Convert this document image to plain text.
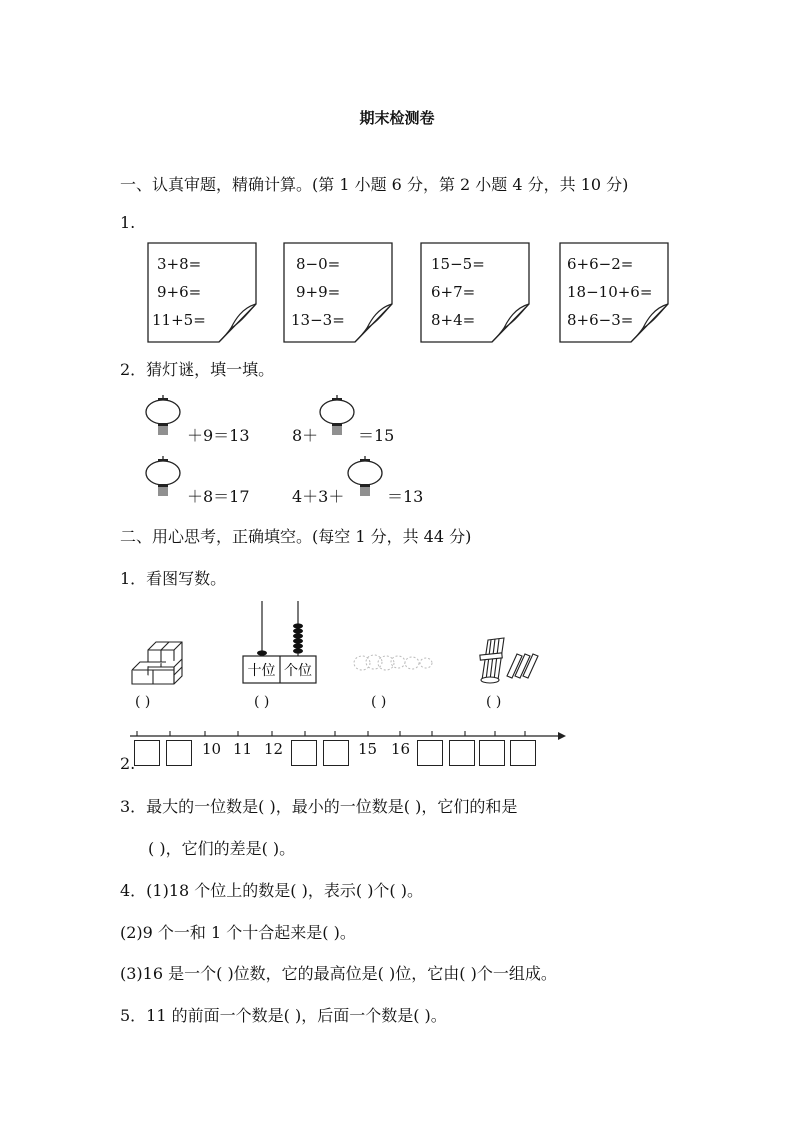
期末检测卷
一、认真审题，精确计算。(第 1 小题 6 分，第 2 小题 4 分，共 10 分)
1.
3+8=
9+6=
11+5=
8−0=
9+9=
13−3=
15−5=
6+7=
8+4=
6+6−2=
18−10+6=
8+6−3=
2．猜灯谜，填一填。
＋9＝13	8＋ ＝15
＋8＝17	4＋3＋	＝13
二、用心思考，正确填空。(每空 1 分，共 44 分)
1．看图写数。
十位 个位
( )	( )	( )	( )
10 11 12	15 16
2.
3．最大的一位数是( )，最小的一位数是( )，它们的和是
( )，它们的差是( )。
4．(1)18 个位上的数是( )，表示( )个( )。
(2)9 个一和 1 个十合起来是( )。
(3)16 是一个( )位数，它的最高位是( )位，它由( )个一组成。
5．11 的前面一个数是( )，后面一个数是( )。
